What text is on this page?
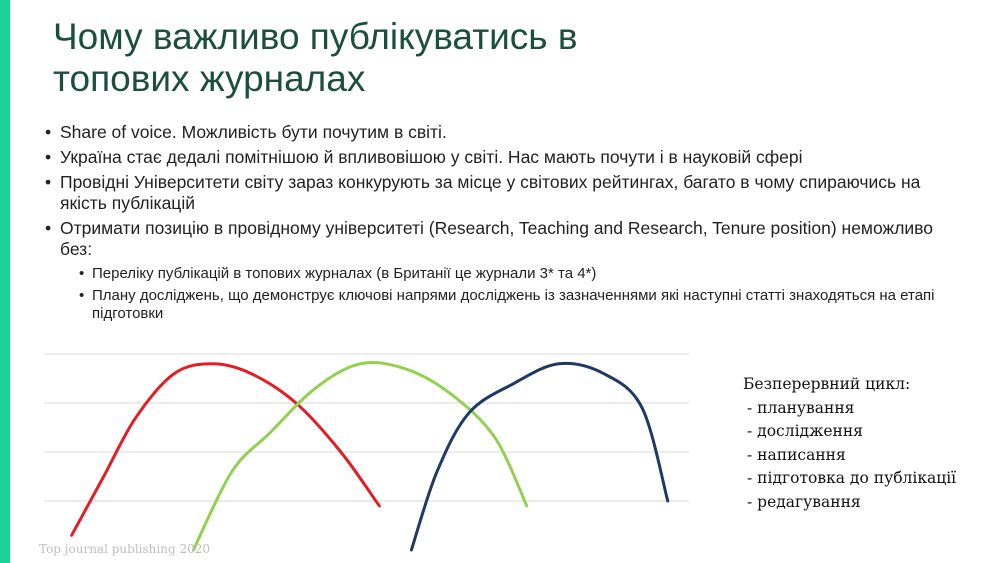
Чому важливо публікуватись в
топових журналах
• Share of voice. Можливість бути почутим в світі.
• Україна стає дедалі помітнішою й впливовішою у світі. Нас мають почути і в науковій сфері
• Провідні Університети світу зараз конкурують за місце у світових рейтингах, багато в чому спираючись на якість публікацій
• Отримати позицію в провідному університеті (Research, Teaching and Research, Tenure position) неможливо без:
• Переліку публікацій в топових журналах (в Британії це журнали 3* та 4*)
• Плану досліджень, що демонструє ключові напрями досліджень із зазначеннями які наступні статті знаходяться на етапі підготовки
Безперервний цикл:
- планування
- дослідження
- написання
- підготовка до публікації
- редагування
Top journal publishing 2020
